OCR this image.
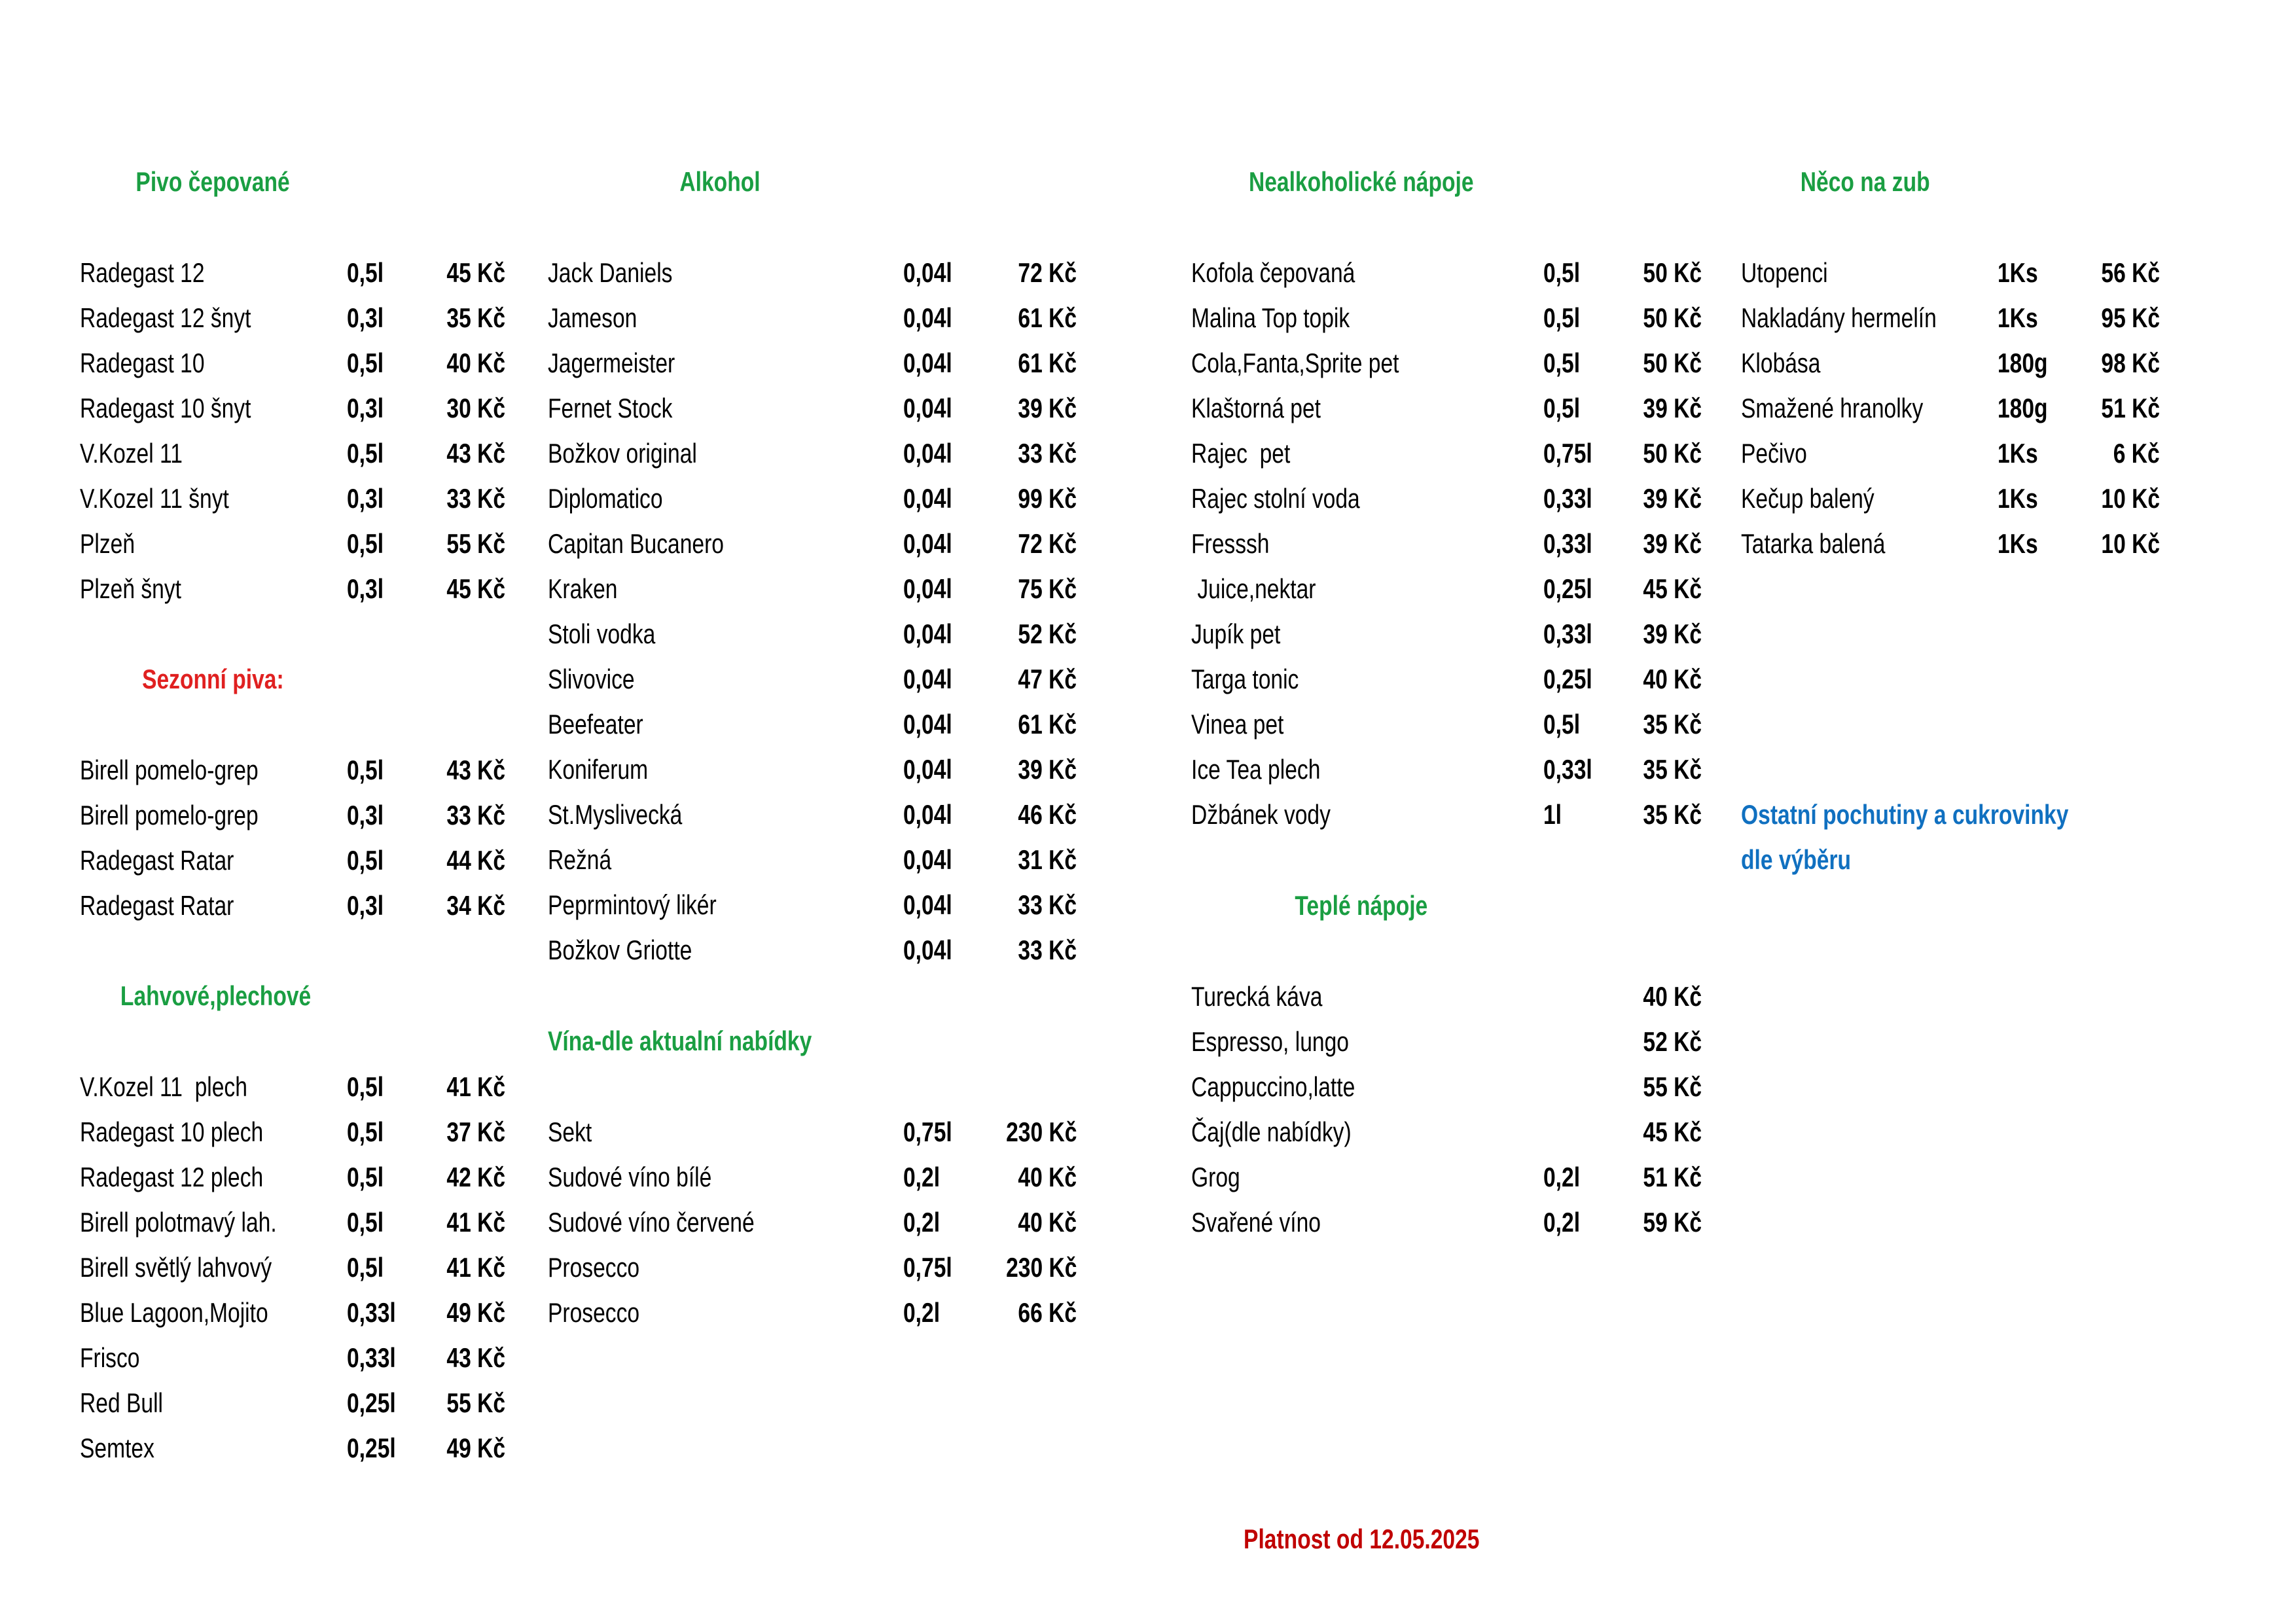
Pivo čepované
Radegast 12	0,5l	45 Kč
Radegast 12 šnyt	0,3l	35 Kč
Radegast 10	0,5l	40 Kč
Radegast 10 šnyt	0,3l	30 Kč
V.Kozel 11	0,5l	43 Kč
V.Kozel 11 šnyt	0,3l	33 Kč
Plzeň	0,5l	55 Kč
Plzeň šnyt	0,3l	45 Kč
Sezonní piva:
Birell pomelo-grep	0,5l	43 Kč
Birell pomelo-grep	0,3l	33 Kč
Radegast Ratar	0,5l	44 Kč
Radegast Ratar	0,3l	34 Kč
Lahvové,plechové
V.Kozel 11  plech	0,5l	41 Kč
Radegast 10 plech	0,5l	37 Kč
Radegast 12 plech	0,5l	42 Kč
Birell polotmavý lah.	0,5l	41 Kč
Birell světlý lahvový	0,5l	41 Kč
Blue Lagoon,Mojito	0,33l	49 Kč
Frisco	0,33l	43 Kč
Red Bull	0,25l	55 Kč
Semtex	0,25l	49 Kč
Alkohol
Jack Daniels	0,04l	72 Kč
Jameson	0,04l	61 Kč
Jagermeister	0,04l	61 Kč
Fernet Stock	0,04l	39 Kč
Božkov original	0,04l	33 Kč
Diplomatico	0,04l	99 Kč
Capitan Bucanero	0,04l	72 Kč
Kraken	0,04l	75 Kč
Stoli vodka	0,04l	52 Kč
Slivovice	0,04l	47 Kč
Beefeater	0,04l	61 Kč
Koniferum	0,04l	39 Kč
St.Myslivecká	0,04l	46 Kč
Režná	0,04l	31 Kč
Peprmintový likér	0,04l	33 Kč
Božkov Griotte	0,04l	33 Kč
Vína-dle aktualní nabídky
Sekt	0,75l	230 Kč
Sudové víno bílé	0,2l	40 Kč
Sudové víno červené	0,2l	40 Kč
Prosecco	0,75l	230 Kč
Prosecco	0,2l	66 Kč
Nealkoholické nápoje
Kofola čepovaná	0,5l	50 Kč
Malina Top topik	0,5l	50 Kč
Cola,Fanta,Sprite pet	0,5l	50 Kč
Klaštorná pet	0,5l	39 Kč
Rajec  pet	0,75l	50 Kč
Rajec stolní voda	0,33l	39 Kč
Fresssh	0,33l	39 Kč
Juice,nektar	0,25l	45 Kč
Jupík pet	0,33l	39 Kč
Targa tonic	0,25l	40 Kč
Vinea pet	0,5l	35 Kč
Ice Tea plech	0,33l	35 Kč
Džbánek vody	1l	35 Kč
Teplé nápoje
Turecká káva	40 Kč
Espresso, lungo	52 Kč
Cappuccino,latte	55 Kč
Čaj(dle nabídky)	45 Kč
Grog	0,2l	51 Kč
Svařené víno	0,2l	59 Kč
Něco na zub
Utopenci	1Ks	56 Kč
Nakladány hermelín	1Ks	95 Kč
Klobása	180g	98 Kč
Smažené hranolky	180g	51 Kč
Pečivo	1Ks	6 Kč
Kečup balený	1Ks	10 Kč
Tatarka balená	1Ks	10 Kč
Ostatní pochutiny a cukrovinky
dle výběru
Platnost od 12.05.2025
